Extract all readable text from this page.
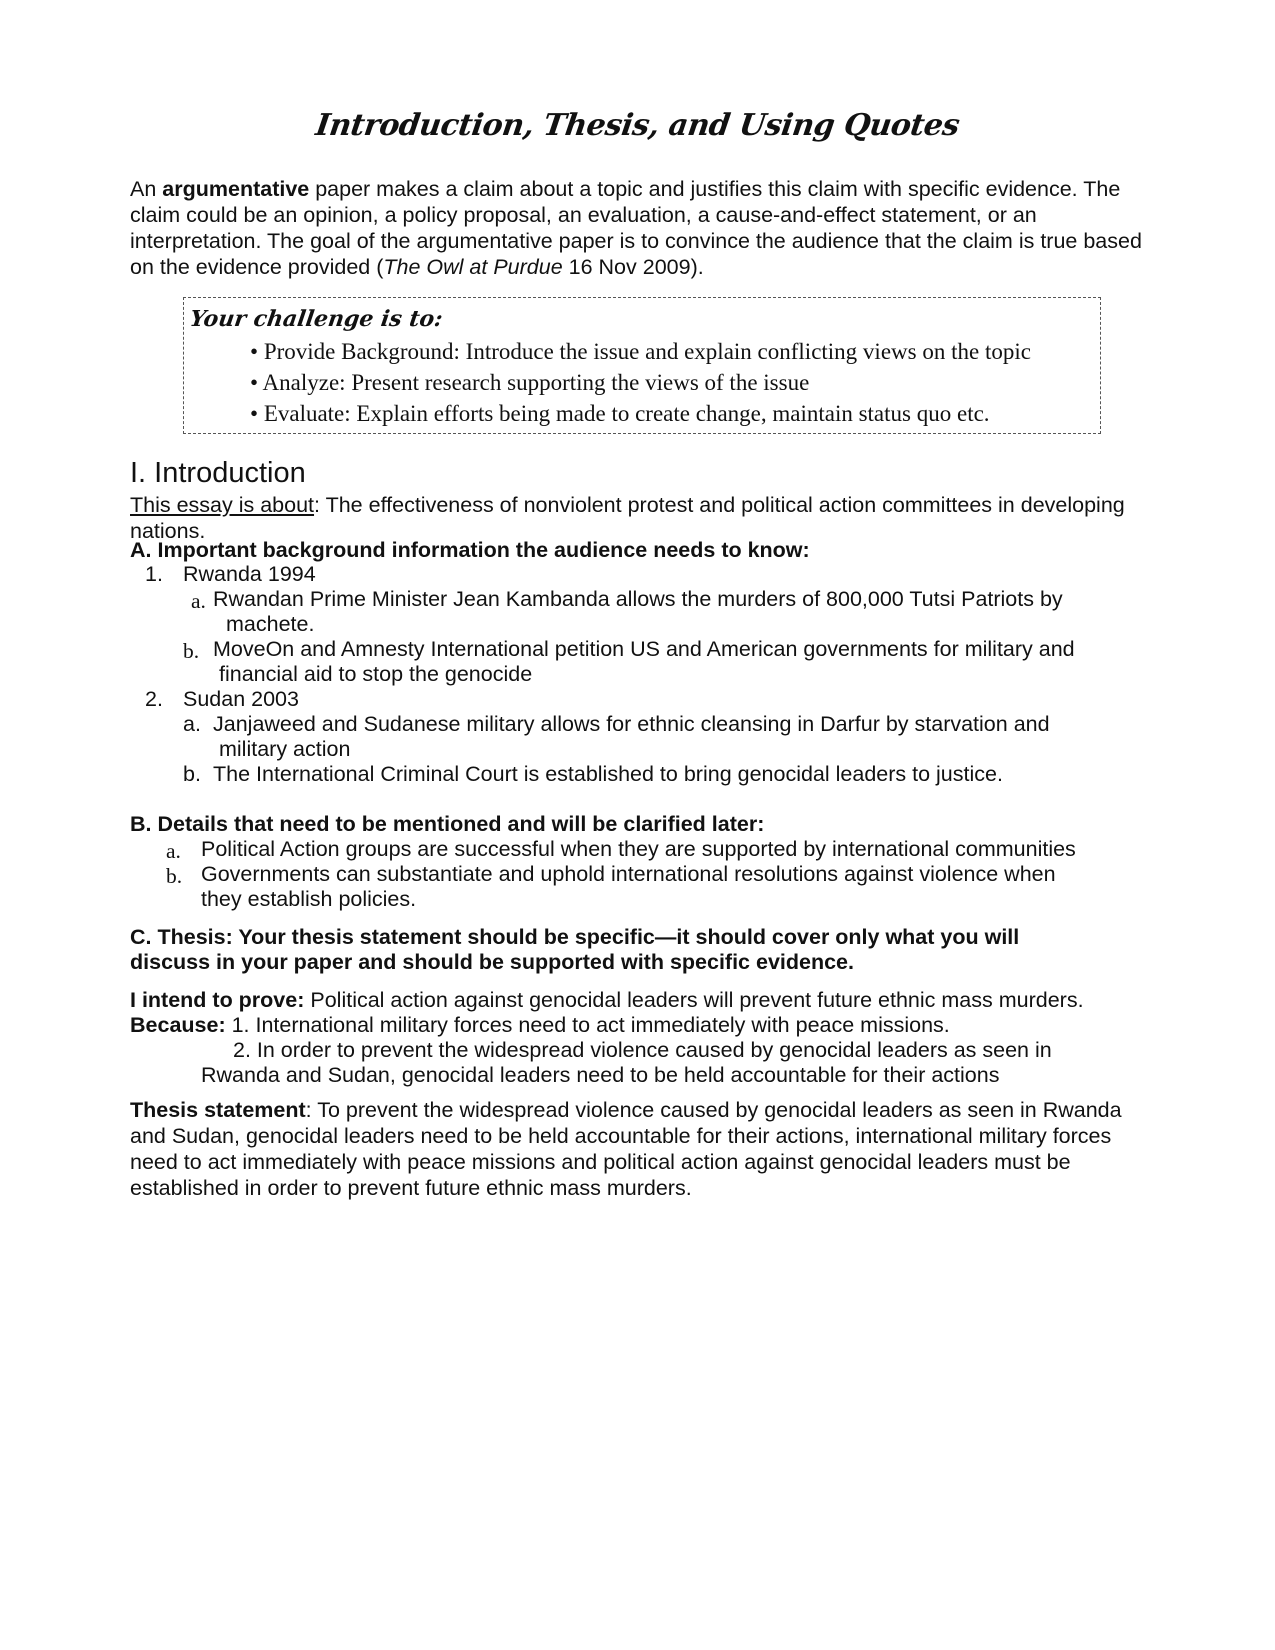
Introduction, Thesis, and Using Quotes
An argumentative paper makes a claim about a topic and justifies this claim with specific evidence. The claim could be an opinion, a policy proposal, an evaluation, a cause-and-effect statement, or an interpretation. The goal of the argumentative paper is to convince the audience that the claim is true based on the evidence provided (The Owl at Purdue 16 Nov 2009).
Your challenge is to:
• Provide Background: Introduce the issue and explain conflicting views on the topic
• Analyze: Present research supporting the views of the issue
• Evaluate: Explain efforts being made to create change, maintain status quo etc.
I. Introduction
This essay is about: The effectiveness of nonviolent protest and political action committees in developing nations.
A. Important background information the audience needs to know:
1. Rwanda 1994
a. Rwandan Prime Minister Jean Kambanda allows the murders of 800,000 Tutsi Patriots by
machete.
b. MoveOn and Amnesty International petition US and American governments for military and
financial aid to stop the genocide
2. Sudan 2003
a. Janjaweed and Sudanese military allows for ethnic cleansing in Darfur by starvation and
military action
b. The International Criminal Court is established to bring genocidal leaders to justice.
B. Details that need to be mentioned and will be clarified later:
a. Political Action groups are successful when they are supported by international communities
b. Governments can substantiate and uphold international resolutions against violence when
they establish policies.
C. Thesis: Your thesis statement should be specific—it should cover only what you will
discuss in your paper and should be supported with specific evidence.
I intend to prove: Political action against genocidal leaders will prevent future ethnic mass murders.
Because: 1. International military forces need to act immediately with peace missions.
2. In order to prevent the widespread violence caused by genocidal leaders as seen in
Rwanda and Sudan, genocidal leaders need to be held accountable for their actions
Thesis statement: To prevent the widespread violence caused by genocidal leaders as seen in Rwanda and Sudan, genocidal leaders need to be held accountable for their actions, international military forces need to act immediately with peace missions and political action against genocidal leaders must be established in order to prevent future ethnic mass murders.
